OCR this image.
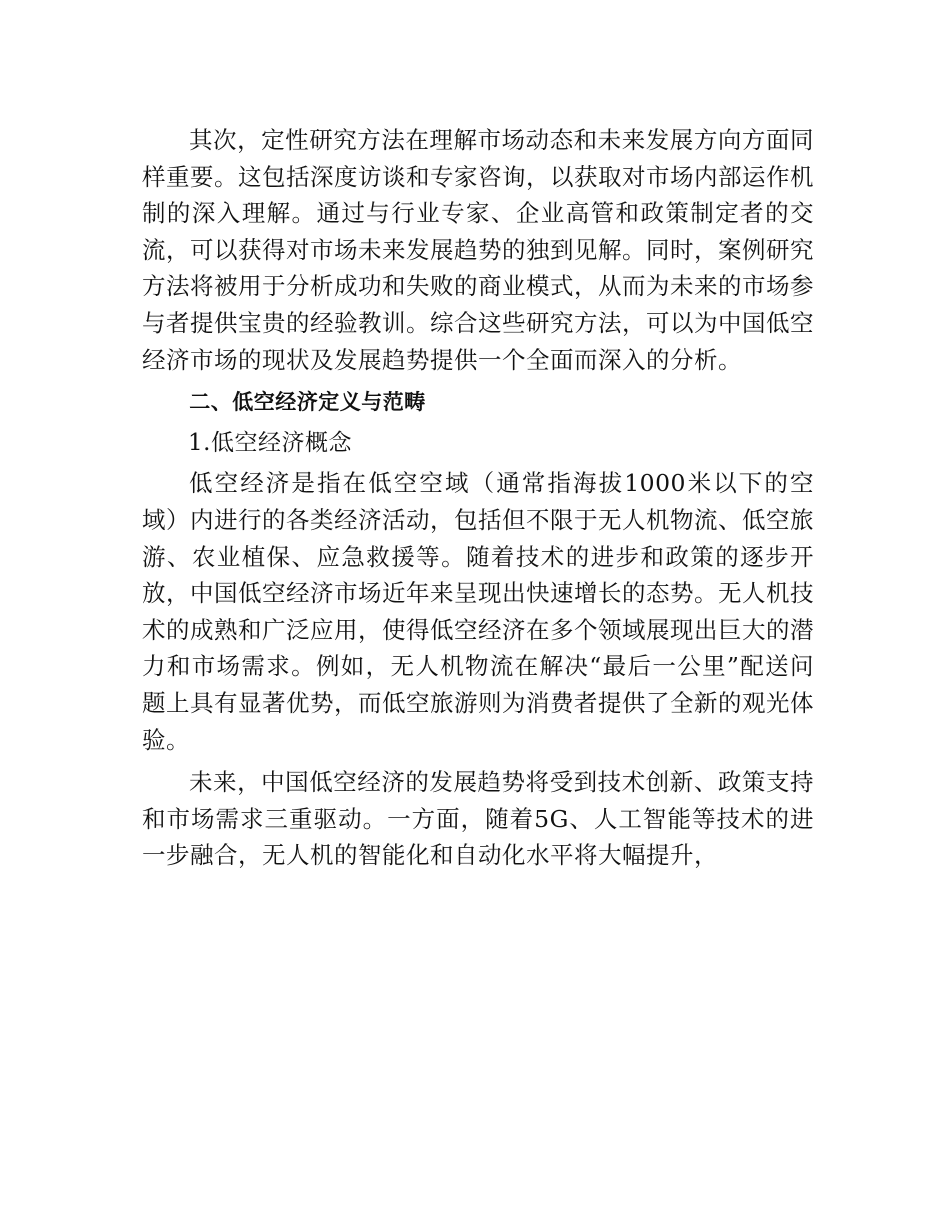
其次，定性研究方法在理解市场动态和未来发展方向方面同样重要。这包括深度访谈和专家咨询，以获取对市场内部运作机制的深入理解。通过与行业专家、企业高管和政策制定者的交流，可以获得对市场未来发展趋势的独到见解。同时，案例研究方法将被用于分析成功和失败的商业模式，从而为未来的市场参与者提供宝贵的经验教训。综合这些研究方法，可以为中国低空经济市场的现状及发展趋势提供一个全面而深入的分析。

二、低空经济定义与范畴

1.低空经济概念

低空经济是指在低空空域（通常指海拔1000米以下的空域）内进行的各类经济活动，包括但不限于无人机物流、低空旅游、农业植保、应急救援等。随着技术的进步和政策的逐步开放，中国低空经济市场近年来呈现出快速增长的态势。无人机技术的成熟和广泛应用，使得低空经济在多个领域展现出巨大的潜力和市场需求。例如，无人机物流在解决“最后一公里”配送问题上具有显著优势，而低空旅游则为消费者提供了全新的观光体验。

未来，中国低空经济的发展趋势将受到技术创新、政策支持和市场需求三重驱动。一方面，随着5G、人工智能等技术的进一步融合，无人机的智能化和自动化水平将大幅提升，
